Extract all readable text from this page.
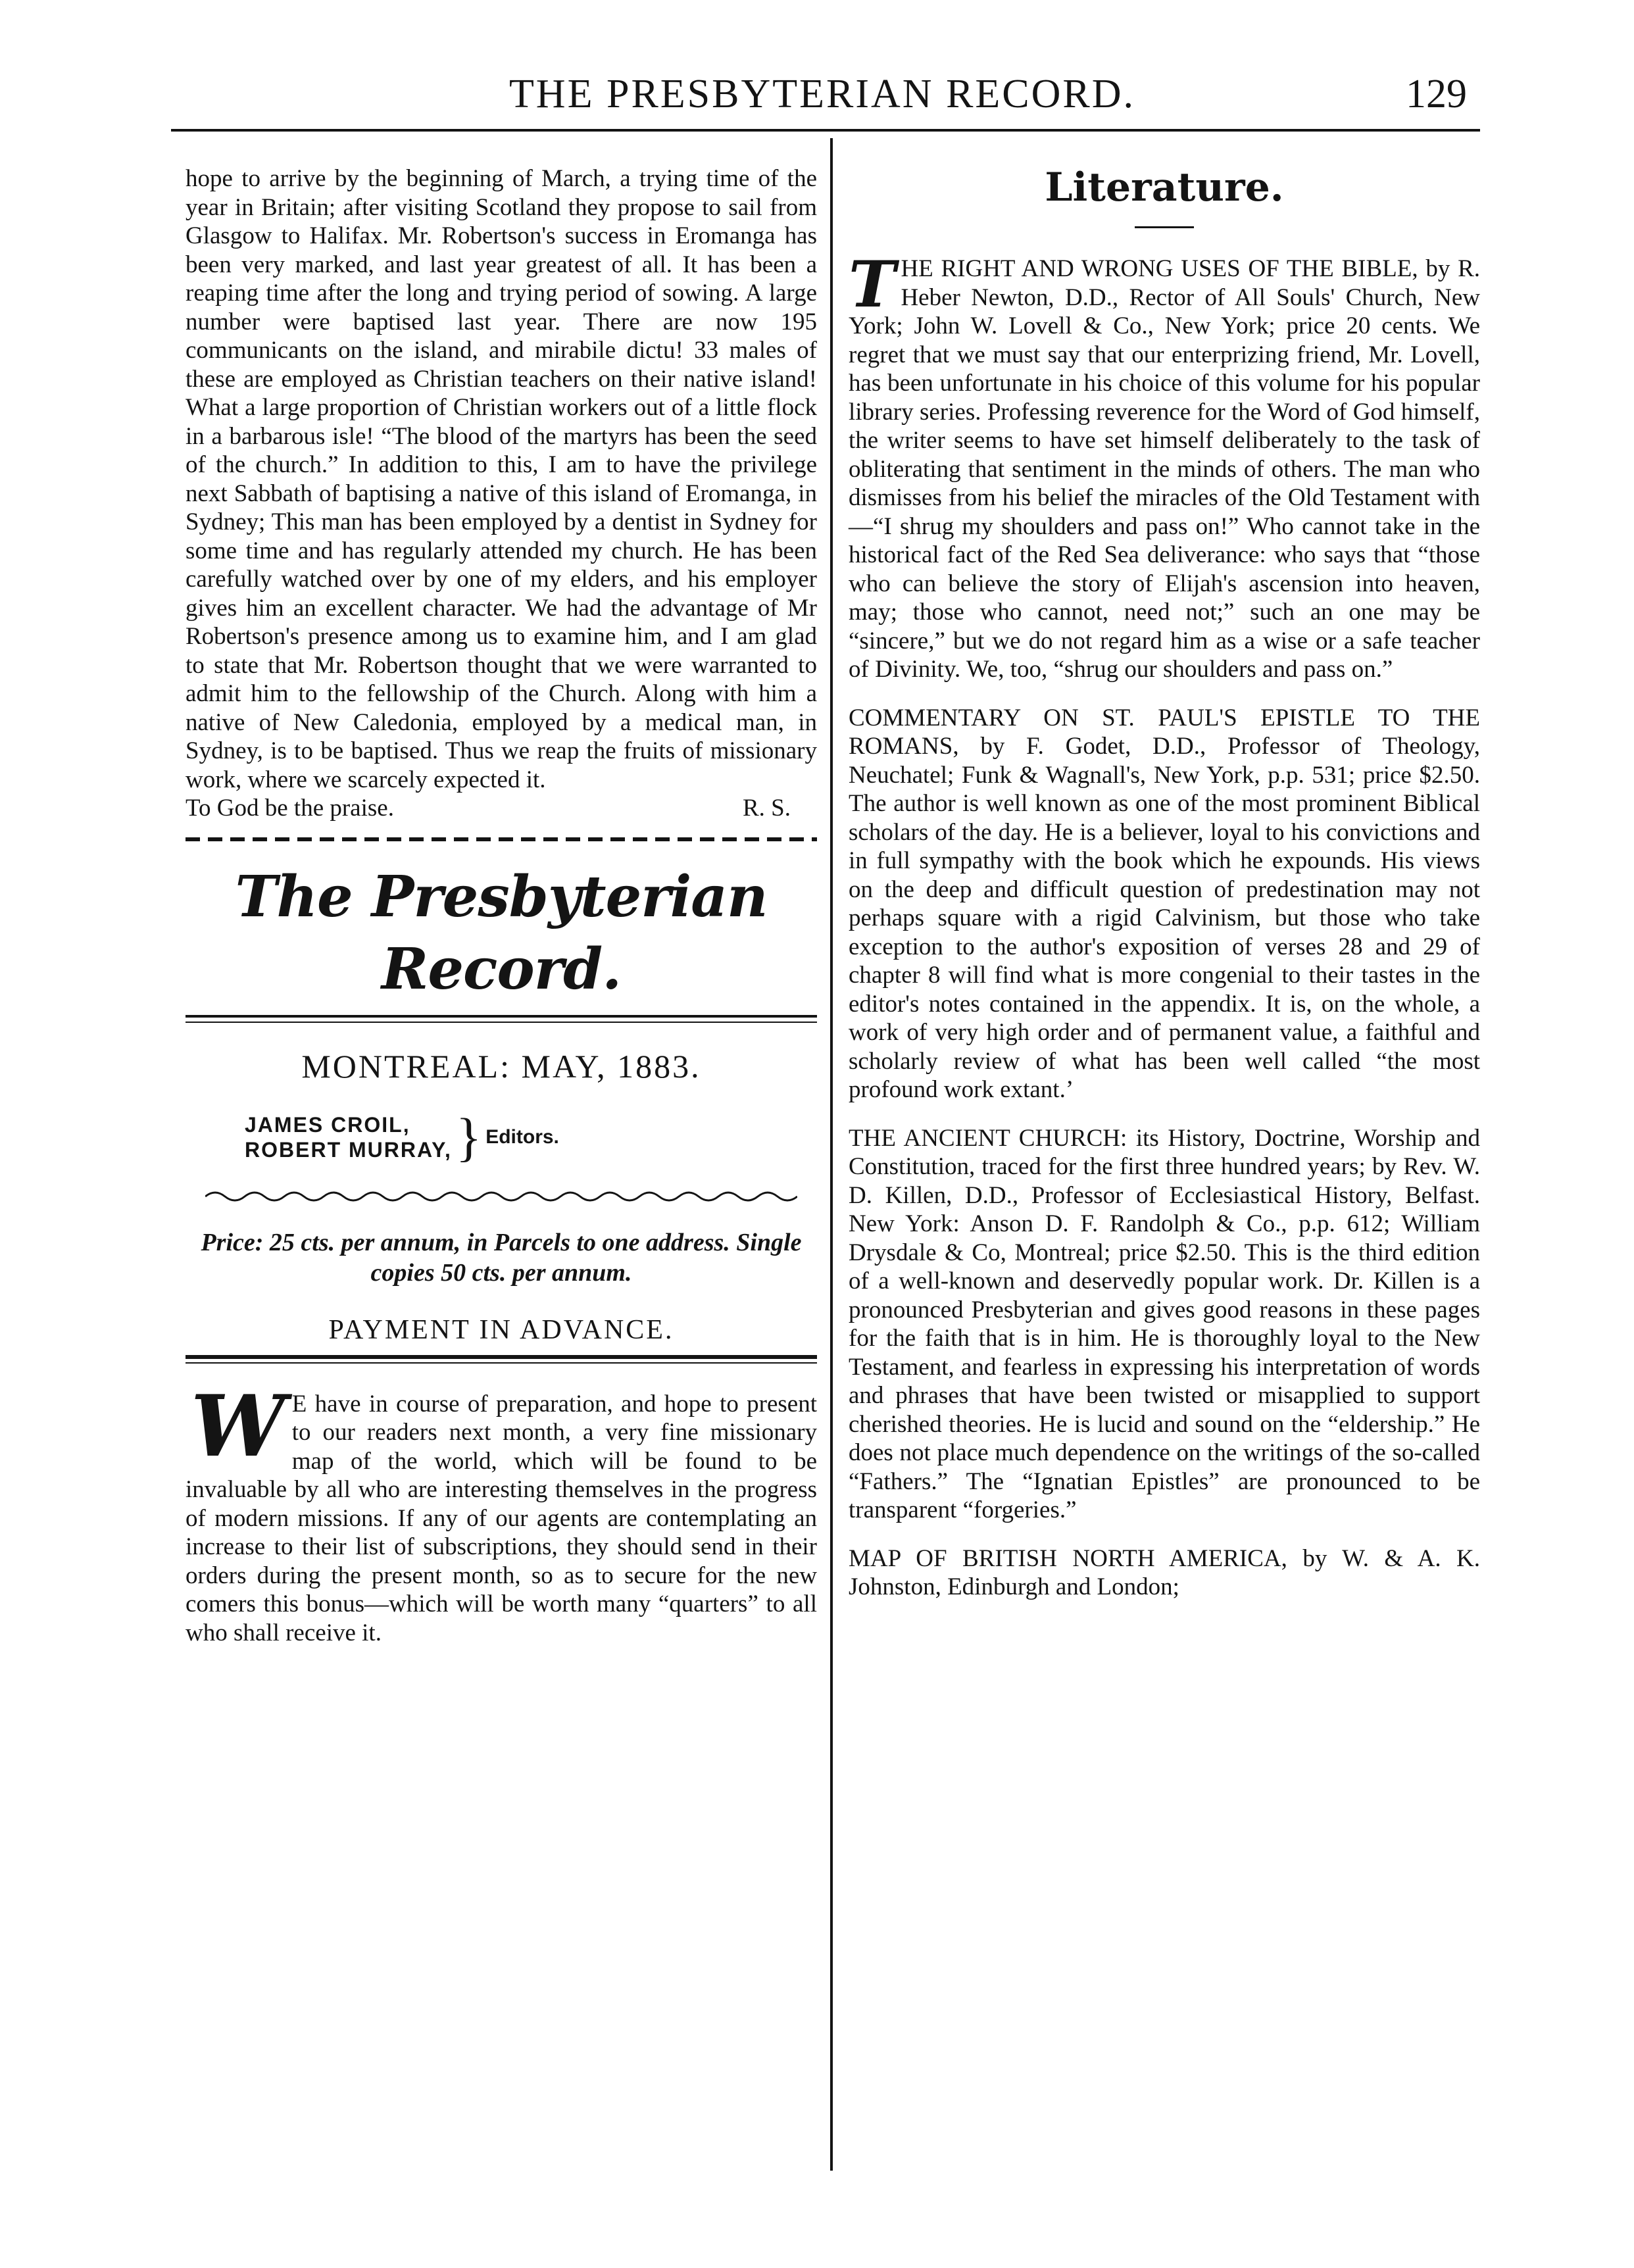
THE PRESBYTERIAN RECORD.	129

hope to arrive by the beginning of March, a trying time of the year in Britain; after visiting Scotland they propose to sail from Glasgow to Halifax. Mr. Robertson's success in Eromanga has been very marked, and last year greatest of all. It has been a reaping time after the long and trying period of sowing. A large number were baptised last year. There are now 195 communicants on the island, and mirabile dictu! 33 males of these are employed as Christian teachers on their native island! What a large proportion of Christian workers out of a little flock in a barbarous isle! “The blood of the martyrs has been the seed of the church.” In addition to this, I am to have the privilege next Sabbath of baptising a native of this island of Eromanga, in Sydney; This man has been employed by a dentist in Sydney for some time and has regularly attended my church. He has been carefully watched over by one of my elders, and his employer gives him an excellent character. We had the advantage of Mr Robertson's presence among us to examine him, and I am glad to state that Mr. Robertson thought that we were warranted to admit him to the fellowship of the Church. Along with him a native of New Caledonia, employed by a medical man, in Sydney, is to be baptised. Thus we reap the fruits of missionary work, where we scarcely expected it.

To God be the praise.	R. S.
The Presbyterian Record.
MONTREAL: MAY, 1883.
JAMES CROIL,
ROBERT MURRAY, } Editors.
Price: 25 cts. per annum, in Parcels to one address. Single copies 50 cts. per annum.
PAYMENT IN ADVANCE.

W E have in course of preparation, and hope to present to our readers next month, a very fine missionary map of the world, which will be found to be invaluable by all who are interesting themselves in the progress of modern missions. If any of our agents are contemplating an increase to their list of subscriptions, they should send in their orders during the present month, so as to secure for the new comers this bonus—which will be worth many “quarters” to all who shall receive it.

Literature.

THE RIGHT AND WRONG USES OF THE BIBLE, by R. Heber Newton, D.D., Rector of All Souls' Church, New York; John W. Lovell & Co., New York; price 20 cents. We regret that we must say that our enterprizing friend, Mr. Lovell, has been unfortunate in his choice of this volume for his popular library series. Professing reverence for the Word of God himself, the writer seems to have set himself deliberately to the task of obliterating that sentiment in the minds of others. The man who dismisses from his belief the miracles of the Old Testament with—“I shrug my shoulders and pass on!” Who cannot take in the historical fact of the Red Sea deliverance: who says that “those who can believe the story of Elijah's ascension into heaven, may; those who cannot, need not;” such an one may be “sincere,” but we do not regard him as a wise or a safe teacher of Divinity. We, too, “shrug our shoulders and pass on.”

COMMENTARY ON ST. PAUL'S EPISTLE TO THE ROMANS, by F. Godet, D.D., Professor of Theology, Neuchatel; Funk & Wagnall's, New York, p.p. 531; price $2.50. The author is well known as one of the most prominent Biblical scholars of the day. He is a believer, loyal to his convictions and in full sympathy with the book which he expounds. His views on the deep and difficult question of predestination may not perhaps square with a rigid Calvinism, but those who take exception to the author's exposition of verses 28 and 29 of chapter 8 will find what is more congenial to their tastes in the editor's notes contained in the appendix. It is, on the whole, a work of very high order and of permanent value, a faithful and scholarly review of what has been well called “the most profound work extant.’

THE ANCIENT CHURCH: its History, Doctrine, Worship and Constitution, traced for the first three hundred years; by Rev. W. D. Killen, D.D., Professor of Ecclesiastical History, Belfast. New York: Anson D. F. Randolph & Co., p.p. 612; William Drysdale & Co, Montreal; price $2.50. This is the third edition of a well-known and deservedly popular work. Dr. Killen is a pronounced Presbyterian and gives good reasons in these pages for the faith that is in him. He is thoroughly loyal to the New Testament, and fearless in expressing his interpretation of words and phrases that have been twisted or misapplied to support cherished theories. He is lucid and sound on the “eldership.” He does not place much dependence on the writings of the so-called “Fathers.” The “Ignatian Epistles” are pronounced to be transparent “forgeries.”

MAP OF BRITISH NORTH AMERICA, by W. & A. K. Johnston, Edinburgh and London;
